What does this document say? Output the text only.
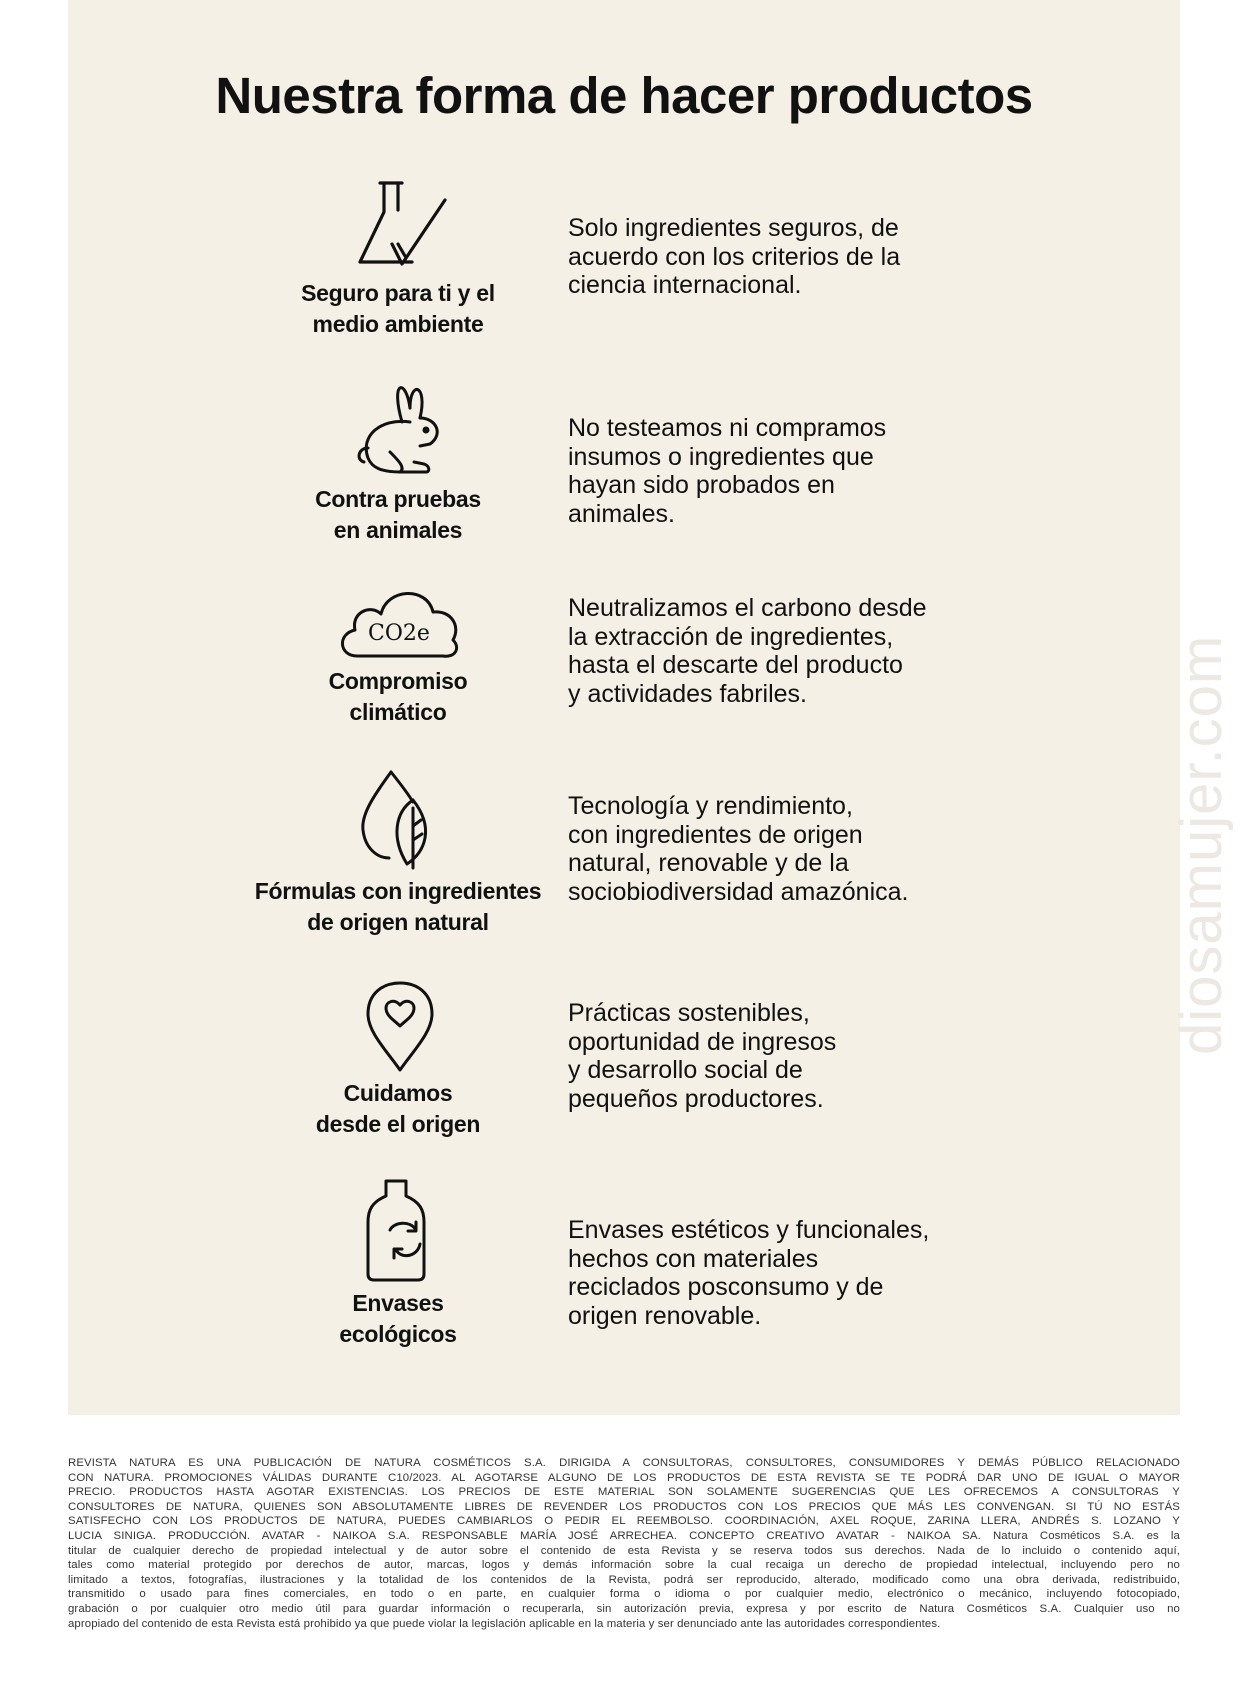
Nuestra forma de hacer productos
Seguro para ti y el
medio ambiente
Solo ingredientes seguros, de
acuerdo con los criterios de la
ciencia internacional.
Contra pruebas
en animales
No testeamos ni compramos
insumos o ingredientes que
hayan sido probados en
animales.
CO2e
Compromiso
climático
Neutralizamos el carbono desde
la extracción de ingredientes,
hasta el descarte del producto
y actividades fabriles.
Fórmulas con ingredientes
de origen natural
Tecnología y rendimiento,
con ingredientes de origen
natural, renovable y de la
sociobiodiversidad amazónica.
Cuidamos
desde el origen
Prácticas sostenibles,
oportunidad de ingresos
y desarrollo social de
pequeños productores.
Envases
ecológicos
Envases estéticos y funcionales,
hechos con materiales
reciclados posconsumo y de
origen renovable.
diosamujer.com
REVISTA NATURA ES UNA PUBLICACIÓN DE NATURA COSMÉTICOS S.A. DIRIGIDA A CONSULTORAS, CONSULTORES, CONSUMIDORES Y DEMÁS PÚBLICO RELACIONADO
CON NATURA. PROMOCIONES VÁLIDAS DURANTE C10/2023. AL AGOTARSE ALGUNO DE LOS PRODUCTOS DE ESTA REVISTA SE TE PODRÁ DAR UNO DE IGUAL O MAYOR
PRECIO. PRODUCTOS HASTA AGOTAR EXISTENCIAS. LOS PRECIOS DE ESTE MATERIAL SON SOLAMENTE SUGERENCIAS QUE LES OFRECEMOS A CONSULTORAS Y
CONSULTORES DE NATURA, QUIENES SON ABSOLUTAMENTE LIBRES DE REVENDER LOS PRODUCTOS CON LOS PRECIOS QUE MÁS LES CONVENGAN. SI TÚ NO ESTÁS
SATISFECHO CON LOS PRODUCTOS DE NATURA, PUEDES CAMBIARLOS O PEDIR EL REEMBOLSO. COORDINACIÓN, AXEL ROQUE, ZARINA LLERA, ANDRÉS S. LOZANO Y
LUCIA SINIGA. PRODUCCIÓN. AVATAR - NAIKOA S.A. RESPONSABLE MARÍA JOSÉ ARRECHEA. CONCEPTO CREATIVO AVATAR - NAIKOA SA. Natura Cosméticos S.A. es la
titular de cualquier derecho de propiedad intelectual y de autor sobre el contenido de esta Revista y se reserva todos sus derechos. Nada de lo incluido o contenido aquí,
tales como material protegido por derechos de autor, marcas, logos y demás información sobre la cual recaiga un derecho de propiedad intelectual, incluyendo pero no
limitado a textos, fotografías, ilustraciones y la totalidad de los contenidos de la Revista, podrá ser reproducido, alterado, modificado como una obra derivada, redistribuido,
transmitido o usado para fines comerciales, en todo o en parte, en cualquier forma o idioma o por cualquier medio, electrónico o mecánico, incluyendo fotocopiado,
grabación o por cualquier otro medio útil para guardar información o recuperarla, sin autorización previa, expresa y por escrito de Natura Cosméticos S.A. Cualquier uso no
apropiado del contenido de esta Revista está prohibido ya que puede violar la legislación aplicable en la materia y ser denunciado ante las autoridades correspondientes.
